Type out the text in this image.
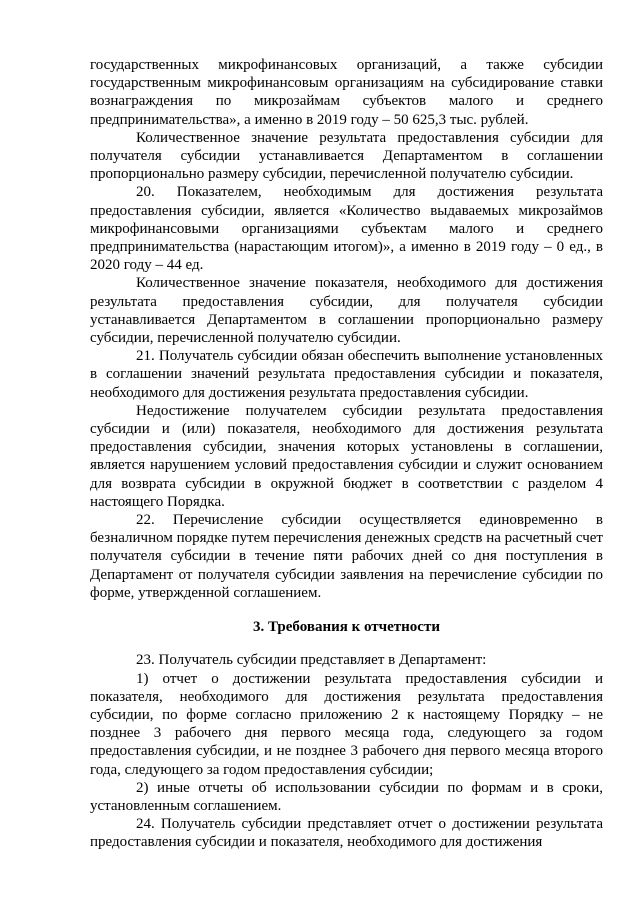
государственных микрофинансовых организаций, а также субсидии государственным микрофинансовым организациям на субсидирование ставки вознаграждения по микрозаймам субъектов малого и среднего предпринимательства», а именно в 2019 году – 50 625,3 тыс. рублей.

Количественное значение результата предоставления субсидии для получателя субсидии устанавливается Департаментом в соглашении пропорционально размеру субсидии, перечисленной получателю субсидии.

20. Показателем, необходимым для достижения результата предоставления субсидии, является «Количество выдаваемых микрозаймов микрофинансовыми организациями субъектам малого и среднего предпринимательства (нарастающим итогом)», а именно в 2019 году – 0 ед., в 2020 году – 44 ед.

Количественное значение показателя, необходимого для достижения результата предоставления субсидии, для получателя субсидии устанавливается Департаментом в соглашении пропорционально размеру субсидии, перечисленной получателю субсидии.

21. Получатель субсидии обязан обеспечить выполнение установленных в соглашении значений результата предоставления субсидии и показателя, необходимого для достижения результата предоставления субсидии.

Недостижение получателем субсидии результата предоставления субсидии и (или) показателя, необходимого для достижения результата предоставления субсидии, значения которых установлены в соглашении, является нарушением условий предоставления субсидии и служит основанием для возврата субсидии в окружной бюджет в соответствии с разделом 4 настоящего Порядка.

22. Перечисление субсидии осуществляется единовременно в безналичном порядке путем перечисления денежных средств на расчетный счет получателя субсидии в течение пяти рабочих дней со дня поступления в Департамент от получателя субсидии заявления на перечисление субсидии по форме, утвержденной соглашением.

3. Требования к отчетности

23. Получатель субсидии представляет в Департамент:

1) отчет о достижении результата предоставления субсидии и показателя, необходимого для достижения результата предоставления субсидии, по форме согласно приложению 2 к настоящему Порядку – не позднее 3 рабочего дня первого месяца года, следующего за годом предоставления субсидии, и не позднее 3 рабочего дня первого месяца второго года, следующего за годом предоставления субсидии;

2) иные отчеты об использовании субсидии по формам и в сроки, установленным соглашением.

24. Получатель субсидии представляет отчет о достижении результата предоставления субсидии и показателя, необходимого для достижения
